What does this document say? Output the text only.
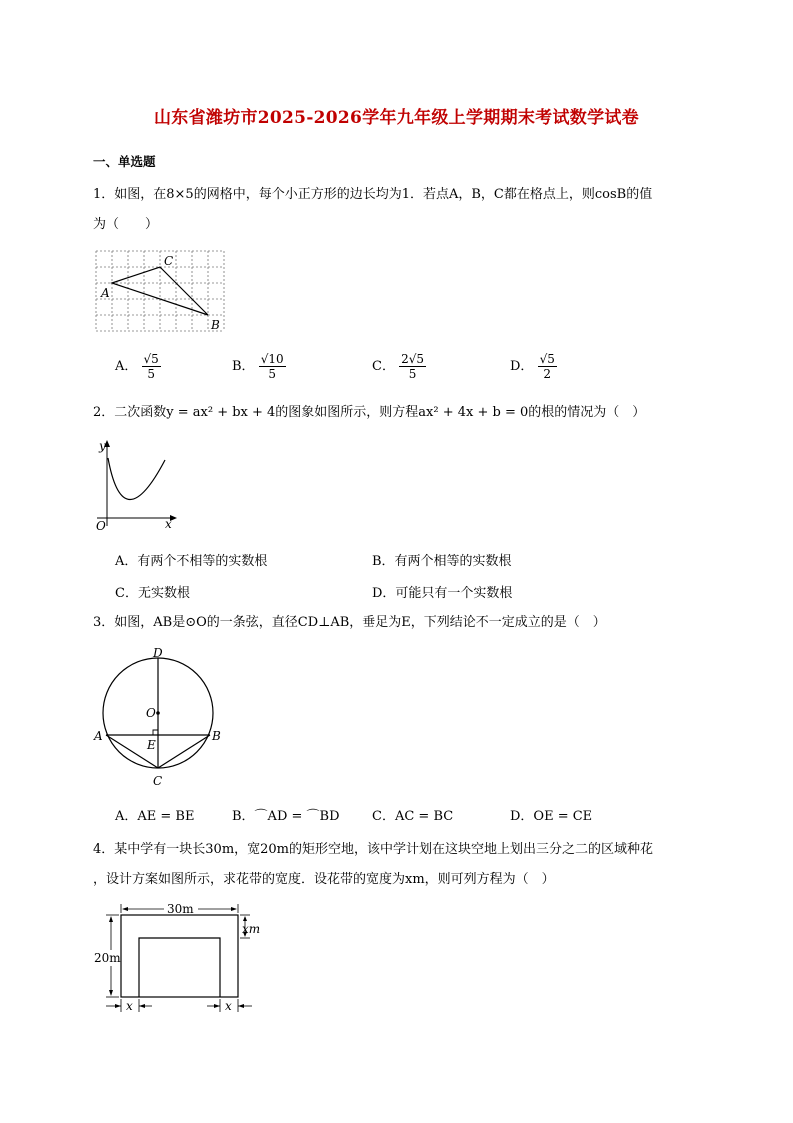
山东省潍坊市2025-2026学年九年级上学期期末考试数学试卷
一、单选题
1．如图，在8×5的网格中，每个小正方形的边长均为1．若点A，B，C都在格点上，则cosB的值
为（　　）
A
C
B
A． $\frac{√5}{5}$	B． $\frac{√10}{5}$	C． $\frac{2√5}{5}$	D． $\frac{√5}{2}$
2．二次函数y = ax² + bx + 4的图象如图所示，则方程ax² + 4x + b = 0的根的情况为（　）
y
O	x
A．有两个不相等的实数根	B．有两个相等的实数根
C．无实数根	D．可能只有一个实数根
3．如图，AB是⊙O的一条弦，直径CD⊥AB，垂足为E，下列结论不一定成立的是（　）
D
O
A	B
E
C
A．AE = BE	B．⌒AD = ⌒BD	C．AC = BC	D．OE = CE
4．某中学有一块长30m，宽20m的矩形空地，该中学计划在这块空地上划出三分之二的区域种花
，设计方案如图所示，求花带的宽度．设花带的宽度为xm，则可列方程为（　）
30m
20m
xm
x	x
